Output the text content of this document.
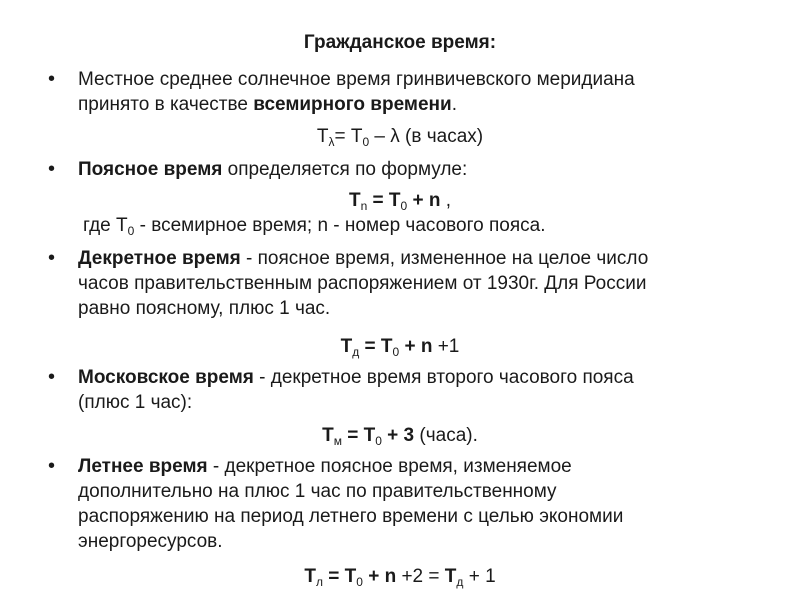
Гражданское время:
• Местное среднее солнечное время гринвичевского меридиана
принято в качестве всемирного времени.
$T_\lambda= T_0 - \lambda$ (в часах)
• Поясное время определяется по формуле:
$T_n = T_0 + n$ ,
где $T_0$ - всемирное время; n - номер часового пояса.
• Декретное время - поясное время, измененное на целое число
часов правительственным распоряжением от 1930г. Для России
равно поясному, плюс 1 час.
$T_д = T_0 + n +1$
• Московское время - декретное время второго часового пояса
(плюс 1 час):
$T_м = T_0 + 3$ (часа).
• Летнее время - декретное поясное время, изменяемое
дополнительно на плюс 1 час по правительственному
распоряжению на период летнего времени с целью экономии
энергоресурсов.
$T_л = T_0 + n +2 = T_д + 1$
